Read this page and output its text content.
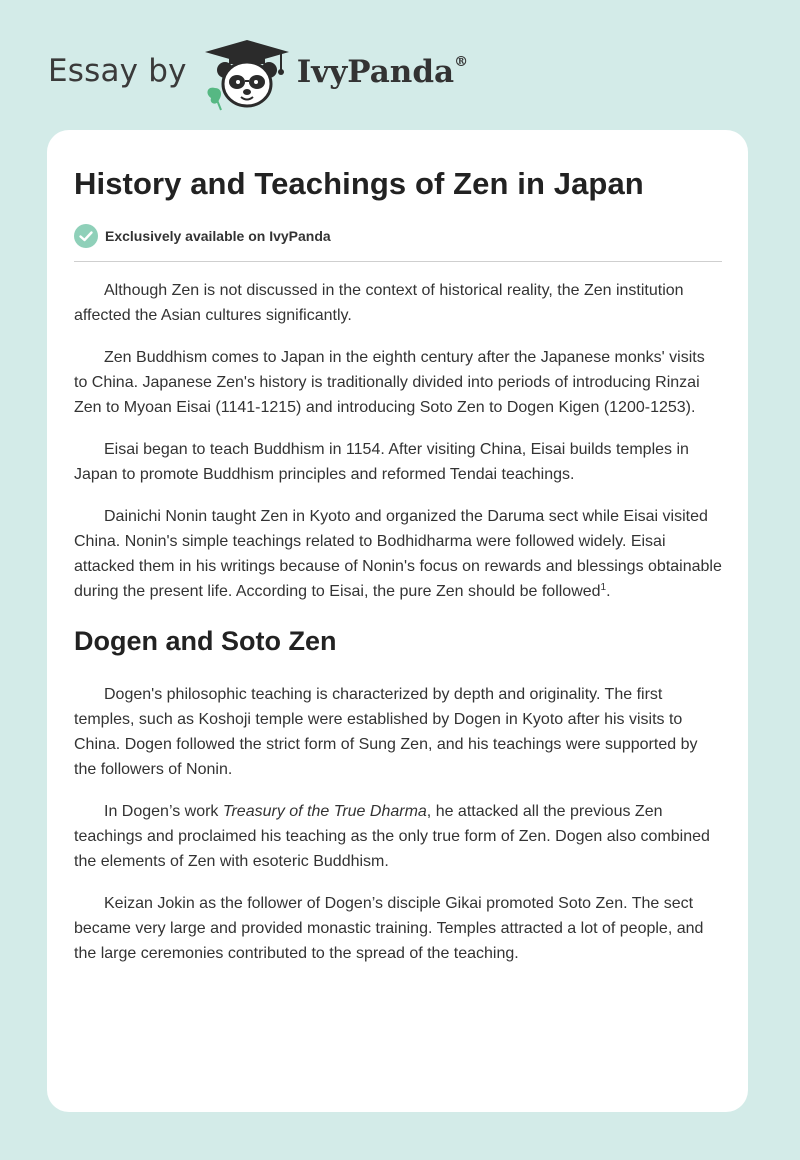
Essay by	IvyPanda®
History and Teachings of Zen in Japan
Exclusively available on IvyPanda

Although Zen is not discussed in the context of historical reality, the Zen institution affected the Asian cultures significantly.

Zen Buddhism comes to Japan in the eighth century after the Japanese monks' visits to China. Japanese Zen's history is traditionally divided into periods of introducing Rinzai Zen to Myoan Eisai (1141-1215) and introducing Soto Zen to Dogen Kigen (1200-1253).

Eisai began to teach Buddhism in 1154. After visiting China, Eisai builds temples in Japan to promote Buddhism principles and reformed Tendai teachings.

Dainichi Nonin taught Zen in Kyoto and organized the Daruma sect while Eisai visited China. Nonin's simple teachings related to Bodhidharma were followed widely. Eisai attacked them in his writings because of Nonin's focus on rewards and blessings obtainable during the present life. According to Eisai, the pure Zen should be followed$^1$.

Dogen and Soto Zen

Dogen's philosophic teaching is characterized by depth and originality. The first temples, such as Koshoji temple were established by Dogen in Kyoto after his visits to China. Dogen followed the strict form of Sung Zen, and his teachings were supported by the followers of Nonin.

In Dogen’s work Treasury of the True Dharma, he attacked all the previous Zen teachings and proclaimed his teaching as the only true form of Zen. Dogen also combined the elements of Zen with esoteric Buddhism.

Keizan Jokin as the follower of Dogen’s disciple Gikai promoted Soto Zen. The sect became very large and provided monastic training. Temples attracted a lot of people, and the large ceremonies contributed to the spread of the teaching.
